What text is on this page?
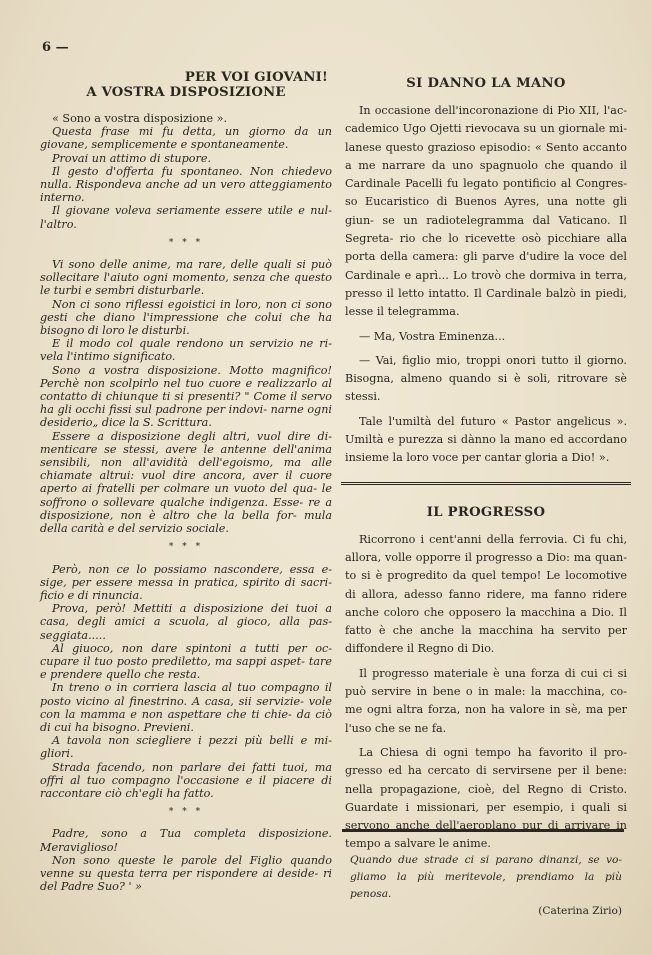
6 —
PER VOI GIOVANI!
A VOSTRA DISPOSIZIONE

« Sono a vostra disposizione ».

Questa frase mi fu detta, un giorno da un giovane, semplicemente e spontaneamente.

Provai un attimo di stupore.

Il gesto d'offerta fu spontaneo. Non chiedevo nulla. Rispondeva anche ad un vero atteggiamento interno.

Il giovane voleva seriamente essere utile e nul- l'altro.

* * *

Vi sono delle anime, ma rare, delle quali si può sollecitare l'aiuto ogni momento, senza che questo le turbi e sembri disturbarle.

Non ci sono riflessi egoistici in loro, non ci sono gesti che diano l'impressione che colui che ha bisogno di loro le disturbi.

E il modo col quale rendono un servizio ne ri- vela l'intimo significato.

Sono a vostra disposizione. Motto magnifico! Perchè non scolpirlo nel tuo cuore e realizzarlo al contatto di chiunque ti si presenti? " Come il servo ha gli occhi fissi sul padrone per indovi- narne ogni desiderio„ dice la S. Scrittura.

Essere a disposizione degli altri, vuol dire di- menticare se stessi, avere le antenne dell'anima sensibili, non all'avidità dell'egoismo, ma alle chiamate altrui: vuol dire ancora, aver il cuore aperto ai fratelli per colmare un vuoto del qua- le soffrono o sollevare qualche indigenza. Esse- re a disposizione, non è altro che la bella for- mula della carità e del servizio sociale.

* * *

Però, non ce lo possiamo nascondere, essa e- sige, per essere messa in pratica, spirito di sacri- ficio e di rinuncia.

Prova, però! Mettiti a disposizione dei tuoi a casa, degli amici a scuola, al gioco, alla pas- seggiata.....

Al giuoco, non dare spintoni a tutti per oc- cupare il tuo posto prediletto, ma sappi aspet- tare e prendere quello che resta.

In treno o in corriera lascia al tuo compagno il posto vicino al finestrino. A casa, sii servizie- vole con la mamma e non aspettare che ti chie- da ciò di cui ha bisogno. Previeni.

A tavola non sciegliere i pezzi più belli e mi- gliori.

Strada facendo, non parlare dei fatti tuoi, ma offri al tuo compagno l'occasione e il piacere di raccontare ciò ch'egli ha fatto.

* * *

Padre, sono a Tua completa disposizione. Meraviglioso!

Non sono queste le parole del Figlio quando venne su questa terra per rispondere ai deside- ri del Padre Suo? ' »

SI DANNO LA MANO

In occasione dell'incoronazione di Pio XII, l'ac- cademico Ugo Ojetti rievocava su un giornale mi- lanese questo grazioso episodio: « Sento accanto a me narrare da uno spagnuolo che quando il Cardinale Pacelli fu legato pontificio al Congres- so Eucaristico di Buenos Ayres, una notte gli giun- se un radiotelegramma dal Vaticano. Il Segreta- rio che lo ricevette osò picchiare alla porta della camera: gli parve d'udire la voce del Cardinale e aprì... Lo trovò che dormiva in terra, presso il letto intatto. Il Cardinale balzò in piedi, lesse il telegramma.

— Ma, Vostra Eminenza...

— Vai, figlio mio, troppi onori tutto il giorno. Bisogna, almeno quando si è soli, ritrovare sè stessi.

Tale l'umiltà del futuro « Pastor angelicus ». Umiltà e purezza si dànno la mano ed accordano insieme la loro voce per cantar gloria a Dio! ».

IL PROGRESSO

Ricorrono i cent'anni della ferrovia. Ci fu chi, allora, volle opporre il progresso a Dio: ma quan- to si è progredito da quel tempo! Le locomotive di allora, adesso fanno ridere, ma fanno ridere anche coloro che opposero la macchina a Dio. Il fatto è che anche la macchina ha servito per diffondere il Regno di Dio.

Il progresso materiale è una forza di cui ci si può servire in bene o in male: la macchina, co- me ogni altra forza, non ha valore in sè, ma per l'uso che se ne fa.

La Chiesa di ogni tempo ha favorito il pro- gresso ed ha cercato di servirsene per il bene: nella propagazione, cioè, del Regno di Cristo. Guardate i missionari, per esempio, i quali si servono anche dell'aeroplano pur di arrivare in tempo a salvare le anime.

Quando due strade ci si parano dinanzi, se vo- gliamo la più meritevole, prendiamo la più penosa.
(Caterina Zirio)
